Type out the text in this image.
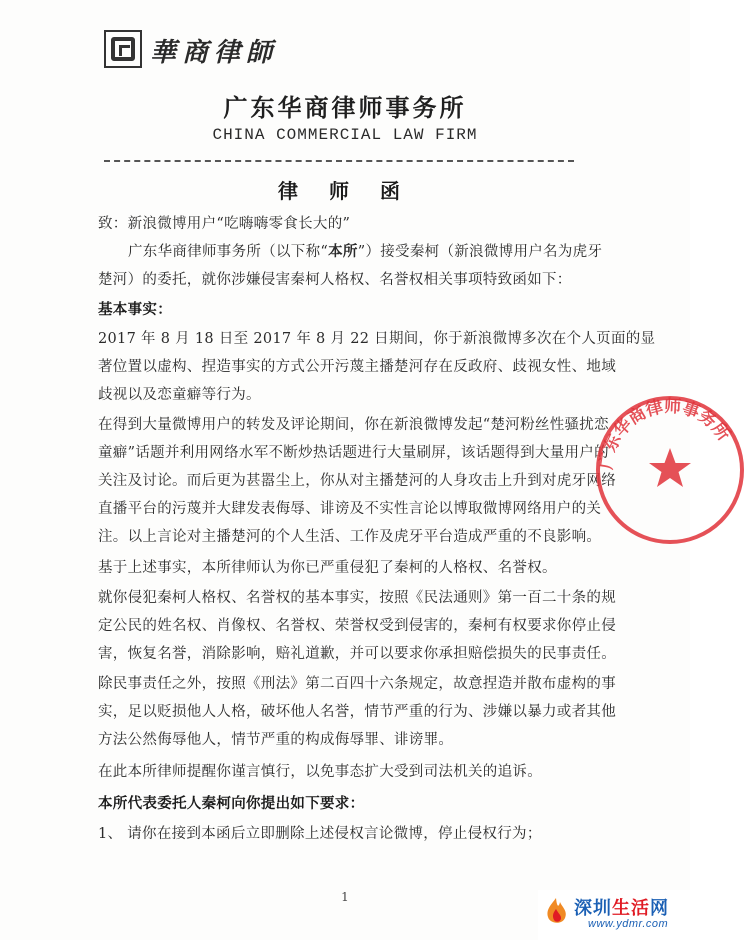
華商律師
广东华商律师事务所
CHINA COMMERCIAL LAW FIRM
律 师 函
致：新浪微博用户“吃嗨嗨零食长大的”
广东华商律师事务所（以下称“本所”）接受秦柯（新浪微博用户名为虎牙
楚河）的委托，就你涉嫌侵害秦柯人格权、名誉权相关事项特致函如下：
基本事实：
2017 年 8 月 18 日至 2017 年 8 月 22 日期间，你于新浪微博多次在个人页面的显
著位置以虚构、捏造事实的方式公开污蔑主播楚河存在反政府、歧视女性、地域
歧视以及恋童癖等行为。
在得到大量微博用户的转发及评论期间，你在新浪微博发起“楚河粉丝性骚扰恋
童癖”话题并利用网络水军不断炒热话题进行大量刷屏，该话题得到大量用户的
关注及讨论。而后更为甚嚣尘上，你从对主播楚河的人身攻击上升到对虎牙网络
直播平台的污蔑并大肆发表侮辱、诽谤及不实性言论以博取微博网络用户的关
注。以上言论对主播楚河的个人生活、工作及虎牙平台造成严重的不良影响。
基于上述事实，本所律师认为你已严重侵犯了秦柯的人格权、名誉权。
就你侵犯秦柯人格权、名誉权的基本事实，按照《民法通则》第一百二十条的规
定公民的姓名权、肖像权、名誉权、荣誉权受到侵害的，秦柯有权要求你停止侵
害，恢复名誉，消除影响，赔礼道歉，并可以要求你承担赔偿损失的民事责任。
除民事责任之外，按照《刑法》第二百四十六条规定，故意捏造并散布虚构的事
实，足以贬损他人人格，破坏他人名誉，情节严重的行为、涉嫌以暴力或者其他
方法公然侮辱他人，情节严重的构成侮辱罪、诽谤罪。
在此本所律师提醒你谨言慎行，以免事态扩大受到司法机关的追诉。
本所代表委托人秦柯向你提出如下要求：
1、 请你在接到本函后立即删除上述侵权言论微博，停止侵权行为；
广东华商律师事务所
1
深圳生活网
www.ydmr.com
